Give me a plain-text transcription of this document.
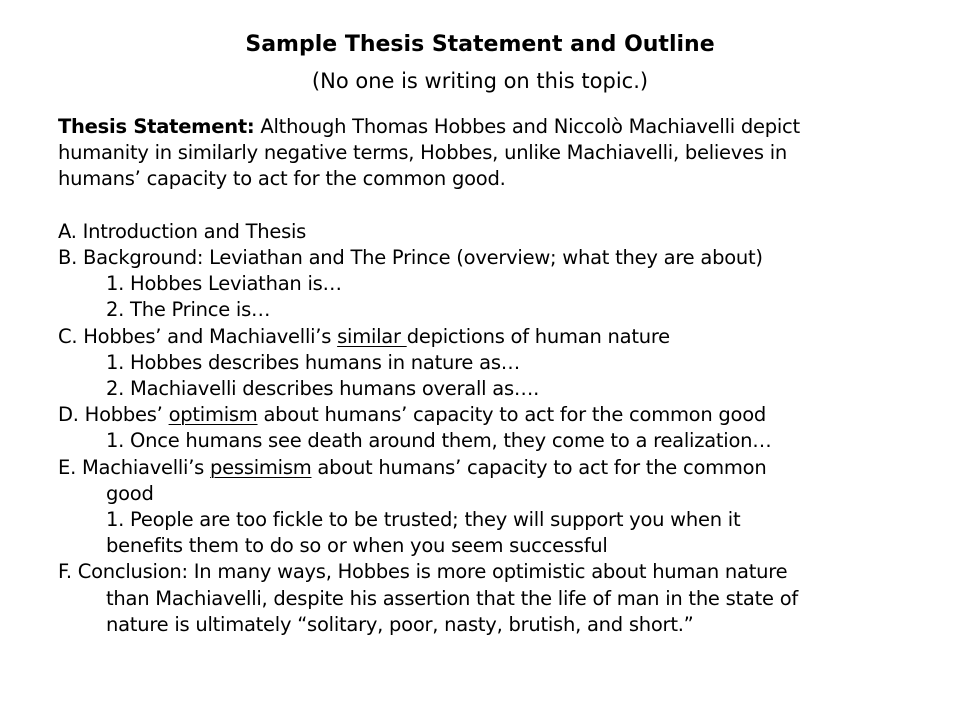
Sample Thesis Statement and Outline
(No one is writing on this topic.)
Thesis Statement: Although Thomas Hobbes and Niccolò Machiavelli depict
humanity in similarly negative terms, Hobbes, unlike Machiavelli, believes in
humans’ capacity to act for the common good.
A. Introduction and Thesis
B. Background: Leviathan and The Prince (overview; what they are about)
1. Hobbes Leviathan is…
2. The Prince is…
C. Hobbes’ and Machiavelli’s similar depictions of human nature
1. Hobbes describes humans in nature as…
2. Machiavelli describes humans overall as….
D. Hobbes’ optimism about humans’ capacity to act for the common good
1. Once humans see death around them, they come to a realization…
E. Machiavelli’s pessimism about humans’ capacity to act for the common
good
1. People are too fickle to be trusted; they will support you when it
benefits them to do so or when you seem successful
F. Conclusion: In many ways, Hobbes is more optimistic about human nature
than Machiavelli, despite his assertion that the life of man in the state of
nature is ultimately “solitary, poor, nasty, brutish, and short.”
